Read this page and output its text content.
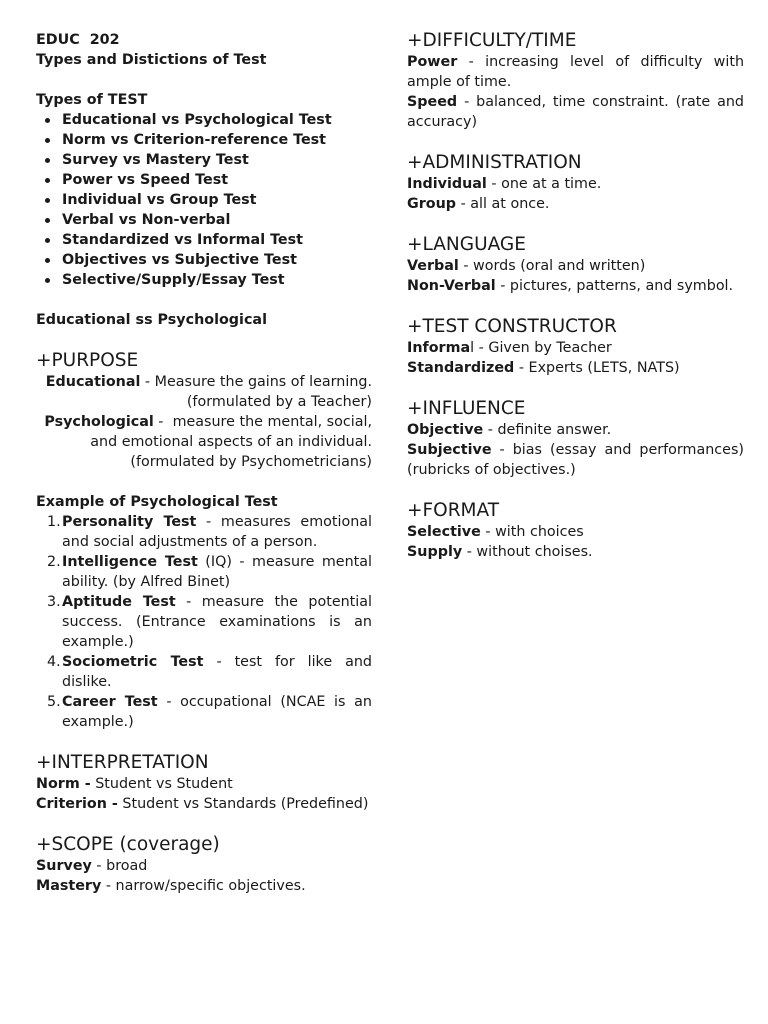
EDUC  202
Types and Distictions of Test
Types of TEST
Educational vs Psychological Test
Norm vs Criterion-reference Test
Survey vs Mastery Test
Power vs Speed Test
Individual vs Group Test
Verbal vs Non-verbal
Standardized vs Informal Test
Objectives vs Subjective Test
Selective/Supply/Essay Test
Educational ss Psychological
+PURPOSE

Educational - Measure the gains of learning. (formulated by a Teacher)

Psychological -  measure the mental, social, and emotional aspects of an individual. (formulated by Psychometricians)

Example of Psychological Test
1. Personality Test - measures emotional and social adjustments of a person.
2. Intelligence Test (IQ) - measure mental ability. (by Alfred Binet)
3. Aptitude Test - measure the potential success. (Entrance examinations is an example.)
4. Sociometric Test - test for like and dislike.
5. Career Test - occupational (NCAE is an example.)
+INTERPRETATION

Norm - Student vs Student

Criterion - Student vs Standards (Predefined)

+SCOPE (coverage)

Survey - broad

Mastery - narrow/specific objectives.

+DIFFICULTY/TIME

Power - increasing level of difficulty with ample of time.

Speed - balanced, time constraint. (rate and accuracy)

+ADMINISTRATION

Individual - one at a time.

Group - all at once.

+LANGUAGE

Verbal - words (oral and written)

Non-Verbal - pictures, patterns, and symbol.

+TEST CONSTRUCTOR

Informal - Given by Teacher

Standardized - Experts (LETS, NATS)

+INFLUENCE

Objective - definite answer.

Subjective - bias (essay and performances) (rubricks of objectives.)

+FORMAT

Selective - with choices

Supply - without choises.
